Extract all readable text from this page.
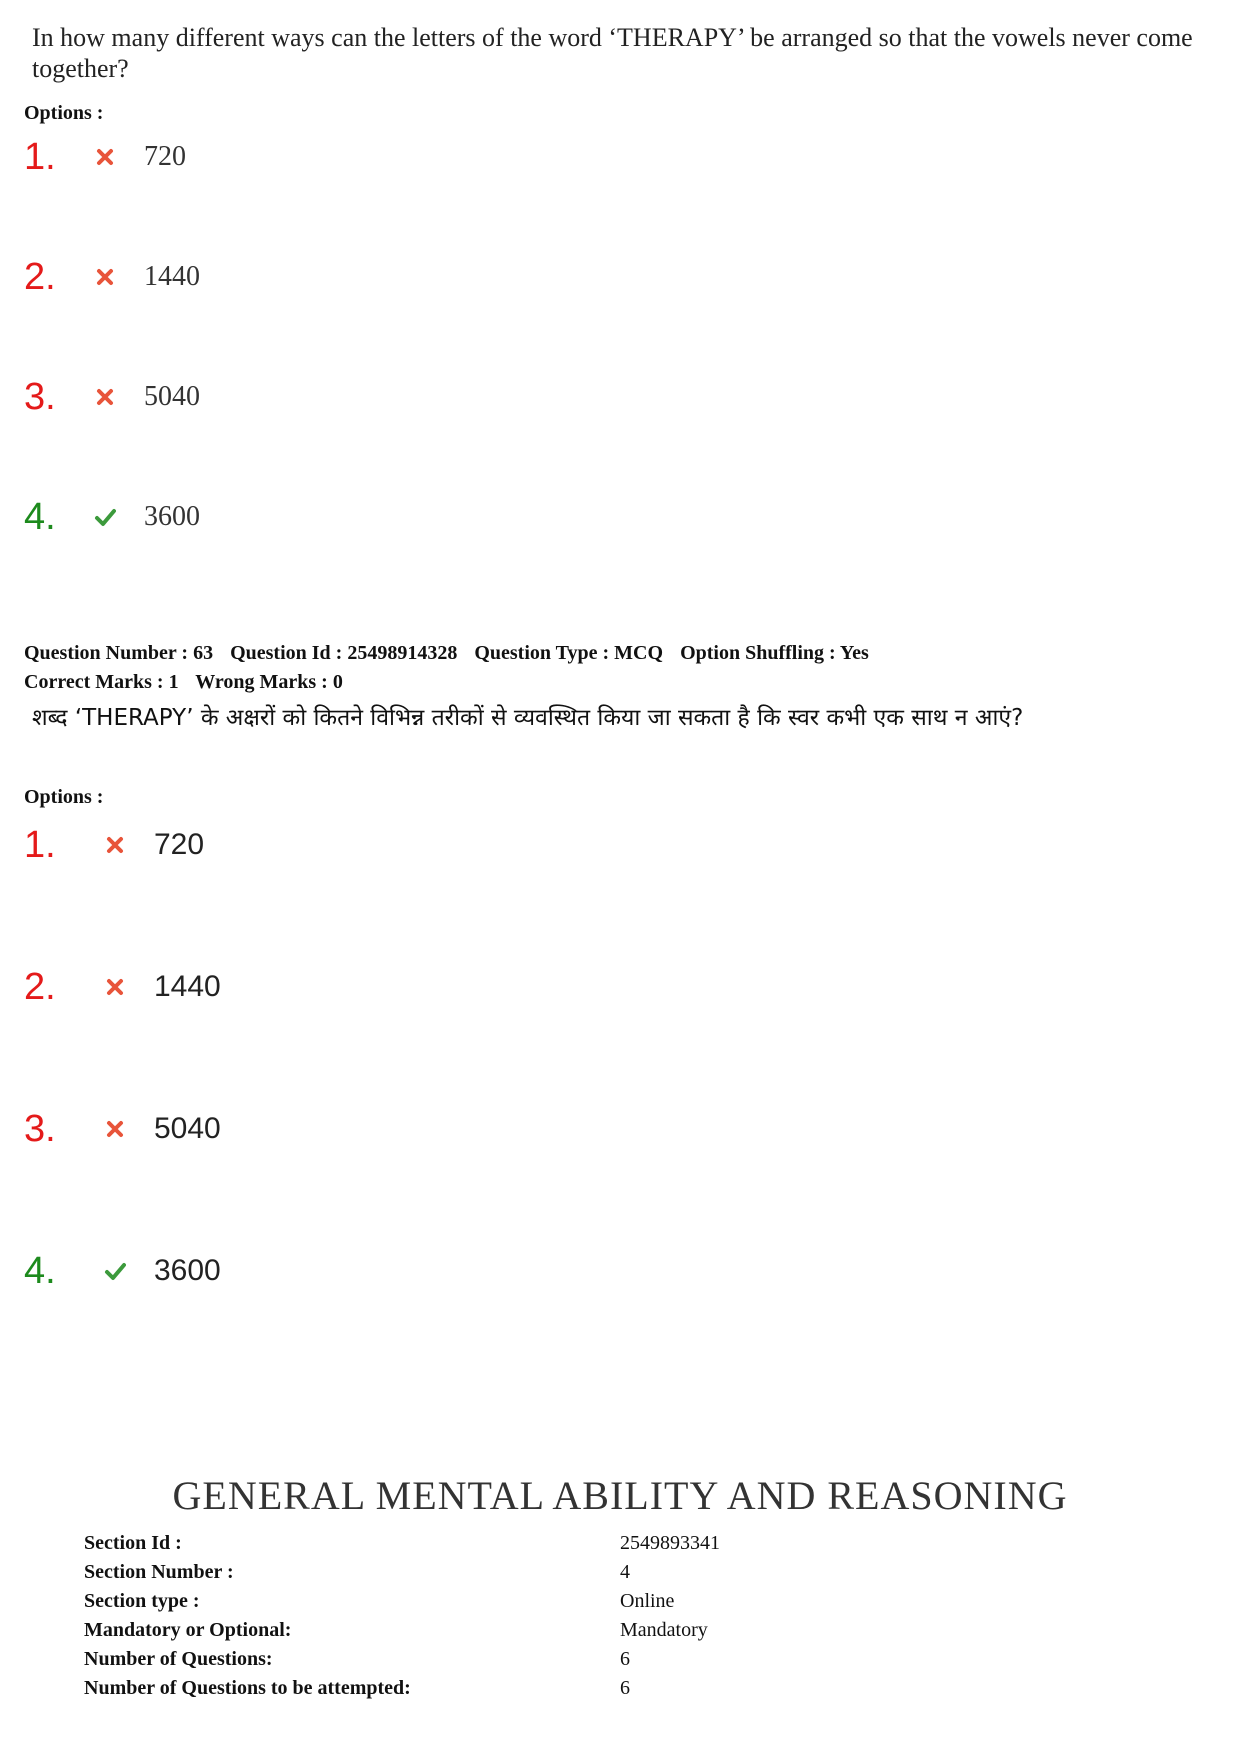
In how many different ways can the letters of the word ‘THERAPY’ be arranged so that the vowels never come together?
Options :
1.	720
2.	1440
3.	5040
4.	3600
Question Number : 63 Question Id : 25498914328 Question Type : MCQ Option Shuffling : Yes
Correct Marks : 1 Wrong Marks : 0
शब्द ‘THERAPY’ के अक्षरों को कितने विभिन्न तरीकों से व्यवस्थित किया जा सकता है कि स्वर कभी एक साथ न आएं?
Options :
1.	720
2.	1440
3.	5040
4.	3600
GENERAL MENTAL ABILITY AND REASONING
Section Id :	2549893341
Section Number :	4
Section type :	Online
Mandatory or Optional:	Mandatory
Number of Questions:	6
Number of Questions to be attempted:	6
